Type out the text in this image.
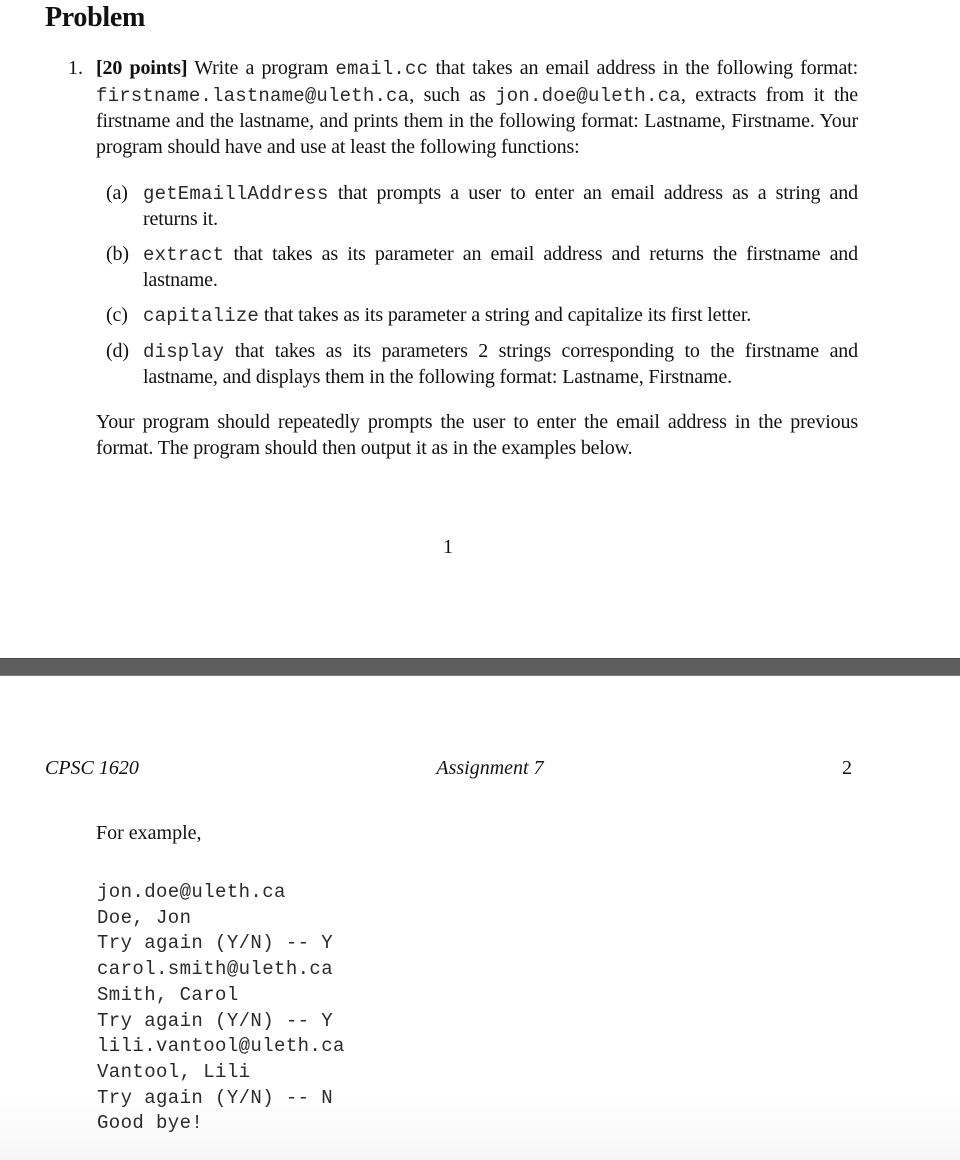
Problem
1. [20 points] Write a program email.cc that takes an email address in the following format: firstname.lastname@uleth.ca, such as jon.doe@uleth.ca, extracts from it the firstname and the lastname, and prints them in the following format: Lastname, Firstname. Your program should have and use at least the following functions:
(a) getEmaillAddress that prompts a user to enter an email address as a string and returns it.
(b) extract that takes as its parameter an email address and returns the firstname and lastname.
(c) capitalize that takes as its parameter a string and capitalize its first letter.
(d) display that takes as its parameters 2 strings corresponding to the firstname and lastname, and displays them in the following format: Lastname, Firstname.
Your program should repeatedly prompts the user to enter the email address in the previous format. The program should then output it as in the examples below.
1
CPSC 1620	Assignment 7	2
For example,
jon.doe@uleth.ca
Doe, Jon
Try again (Y/N) -- Y
carol.smith@uleth.ca
Smith, Carol
Try again (Y/N) -- Y
lili.vantool@uleth.ca
Vantool, Lili
Try again (Y/N) -- N
Good bye!
